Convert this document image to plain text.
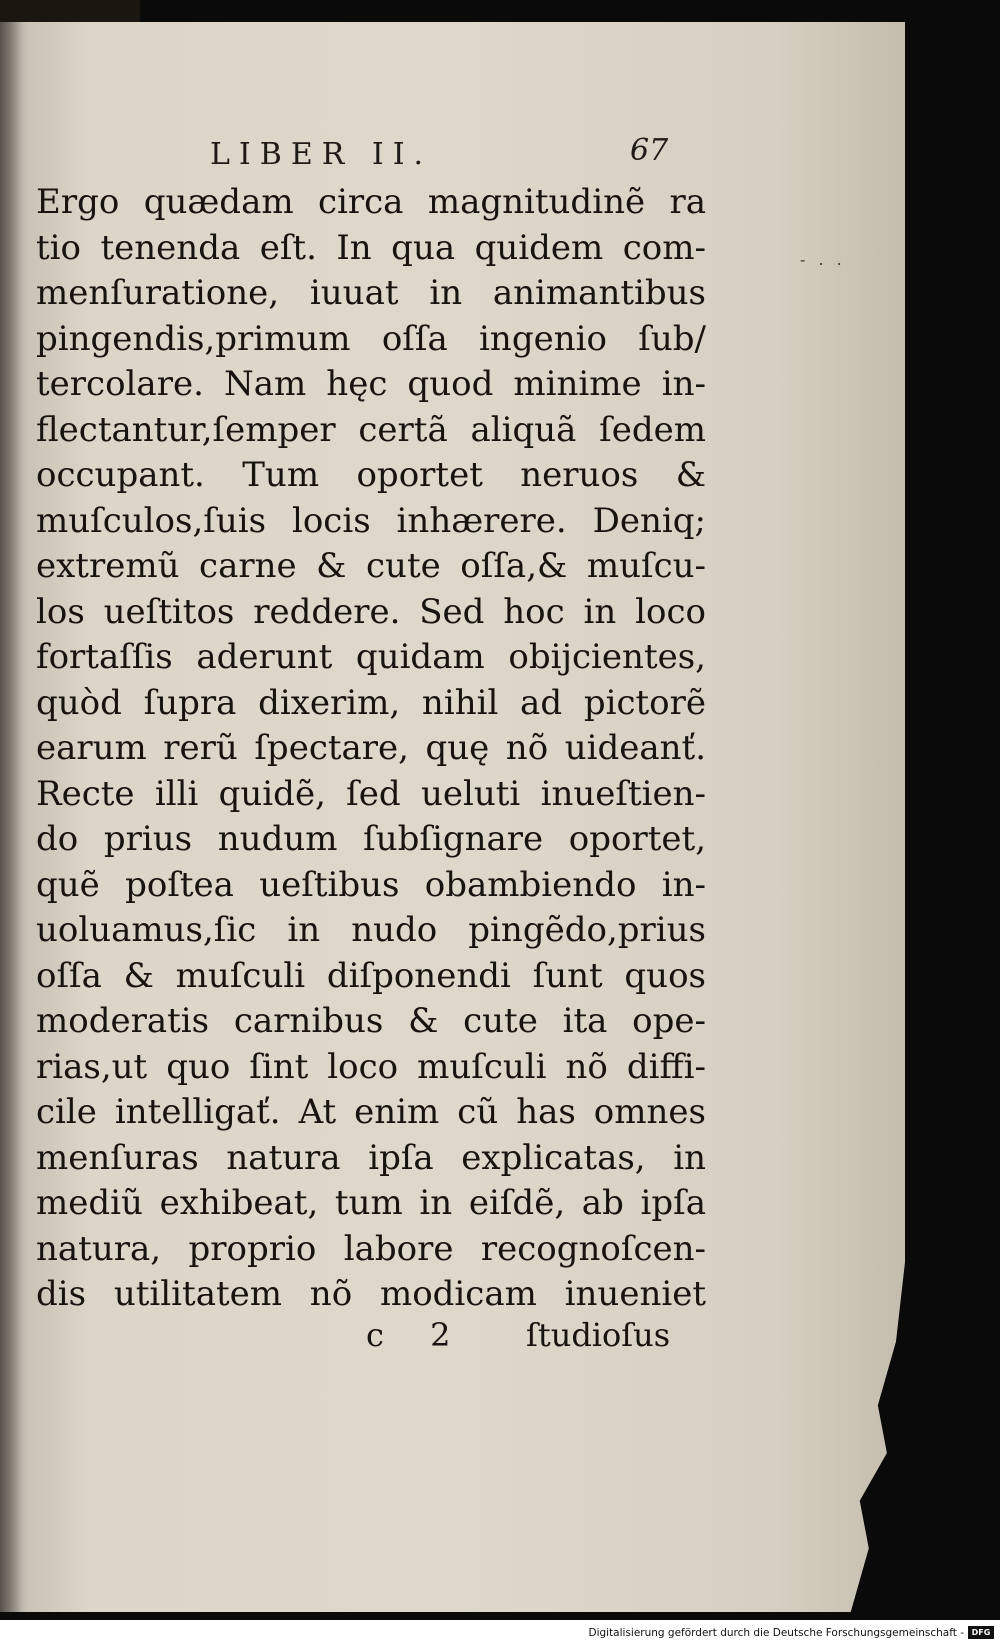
LIBER II.	67
- . .
Ergo quædam circa magnitudinẽ ra
tio tenenda eſt. In qua quidem com-
menſuratione, iuuat in animantibus
pingendis,primum oſſa ingenio ſub/
tercolare. Nam hęc quod minime in-
flectantur,ſemper certã aliquã ſedem
occupant. Tum oportet neruos &
muſculos,ſuis locis inhærere. Deniq;
extremũ carne & cute oſſa,& muſcu-
los ueſtitos reddere. Sed hoc in loco
fortaſſis aderunt quidam obijcientes,
quòd ſupra dixerim, nihil ad pictorẽ
earum rerũ ſpectare, quę nõ uideanť.
Recte illi quidẽ, ſed ueluti inueſtien-
do prius nudum ſubſignare oportet,
quẽ poſtea ueſtibus obambiendo in-
uoluamus,ſic in nudo pingẽdo,prius
oſſa & muſculi diſponendi ſunt quos
moderatis carnibus & cute ita ope-
rias,ut quo ſint loco muſculi nõ diffi-
cile intelligať. At enim cũ has omnes
menſuras natura ipſa explicatas, in
mediũ exhibeat, tum in eiſdẽ, ab ipſa
natura, proprio labore recognoſcen-
dis utilitatem nõ modicam inueniet
c 2 ſtudioſus
Digitalisierung gefördert durch die Deutsche Forschungsgemeinschaft - DFG
